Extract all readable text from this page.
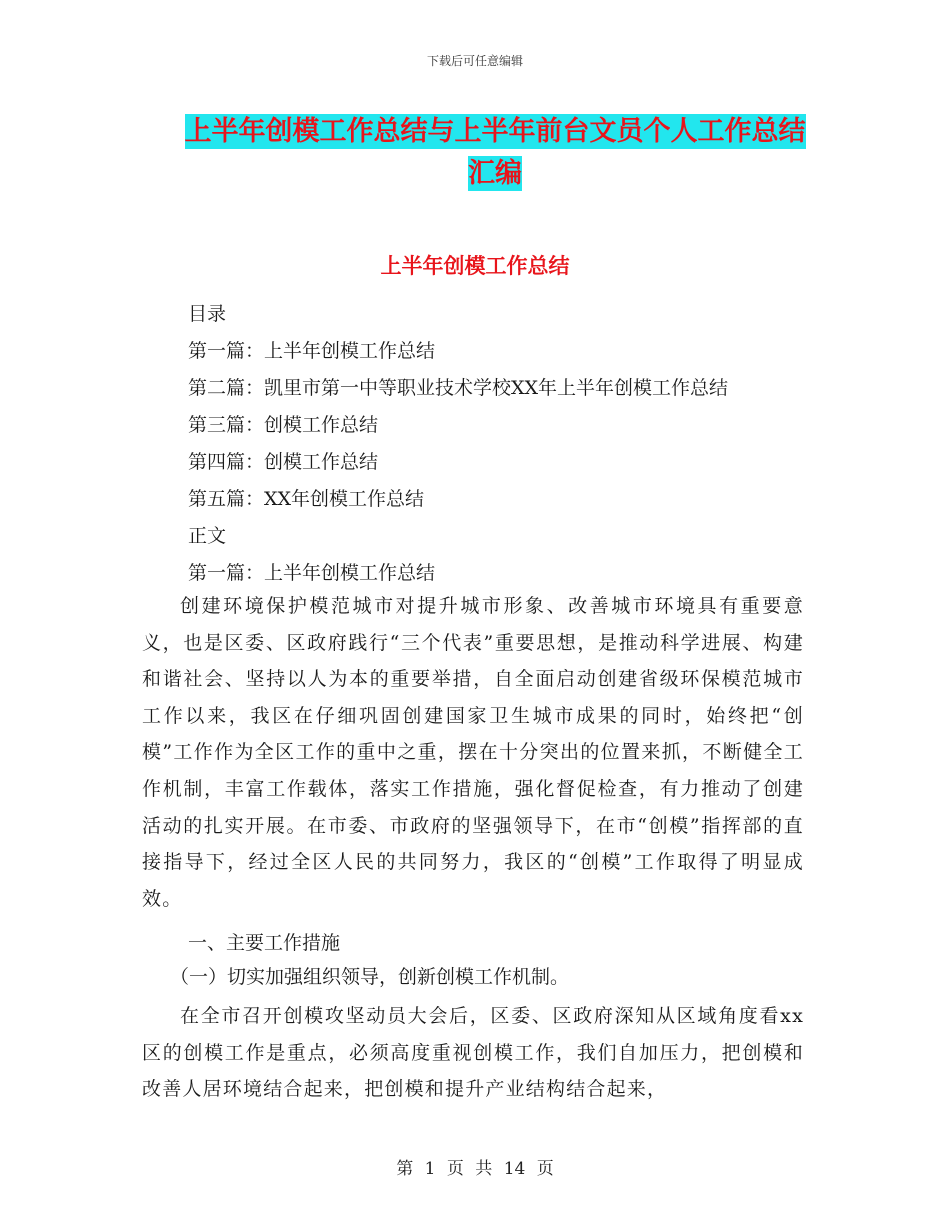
下载后可任意编辑
上半年创模工作总结与上半年前台文员个人工作总结
汇编
上半年创模工作总结
目录
第一篇：上半年创模工作总结
第二篇：凯里市第一中等职业技术学校XX年上半年创模工作总结
第三篇：创模工作总结
第四篇：创模工作总结
第五篇：XX年创模工作总结
正文
第一篇：上半年创模工作总结
创建环境保护模范城市对提升城市形象、改善城市环境具有重要意义，也是区委、区政府践行“三个代表”重要思想，是推动科学进展、构建和谐社会、坚持以人为本的重要举措，自全面启动创建省级环保模范城市工作以来，我区在仔细巩固创建国家卫生城市成果的同时，始终把“创模”工作作为全区工作的重中之重，摆在十分突出的位置来抓，不断健全工作机制，丰富工作载体，落实工作措施，强化督促检查，有力推动了创建活动的扎实开展。在市委、市政府的坚强领导下，在市“创模”指挥部的直接指导下，经过全区人民的共同努力，我区的“创模”工作取得了明显成效。
一、主要工作措施
（一）切实加强组织领导，创新创模工作机制。
在全市召开创模攻坚动员大会后，区委、区政府深知从区域角度看xx区的创模工作是重点，必须高度重视创模工作，我们自加压力，把创模和改善人居环境结合起来，把创模和提升产业结构结合起来，
第 1 页 共 14 页
